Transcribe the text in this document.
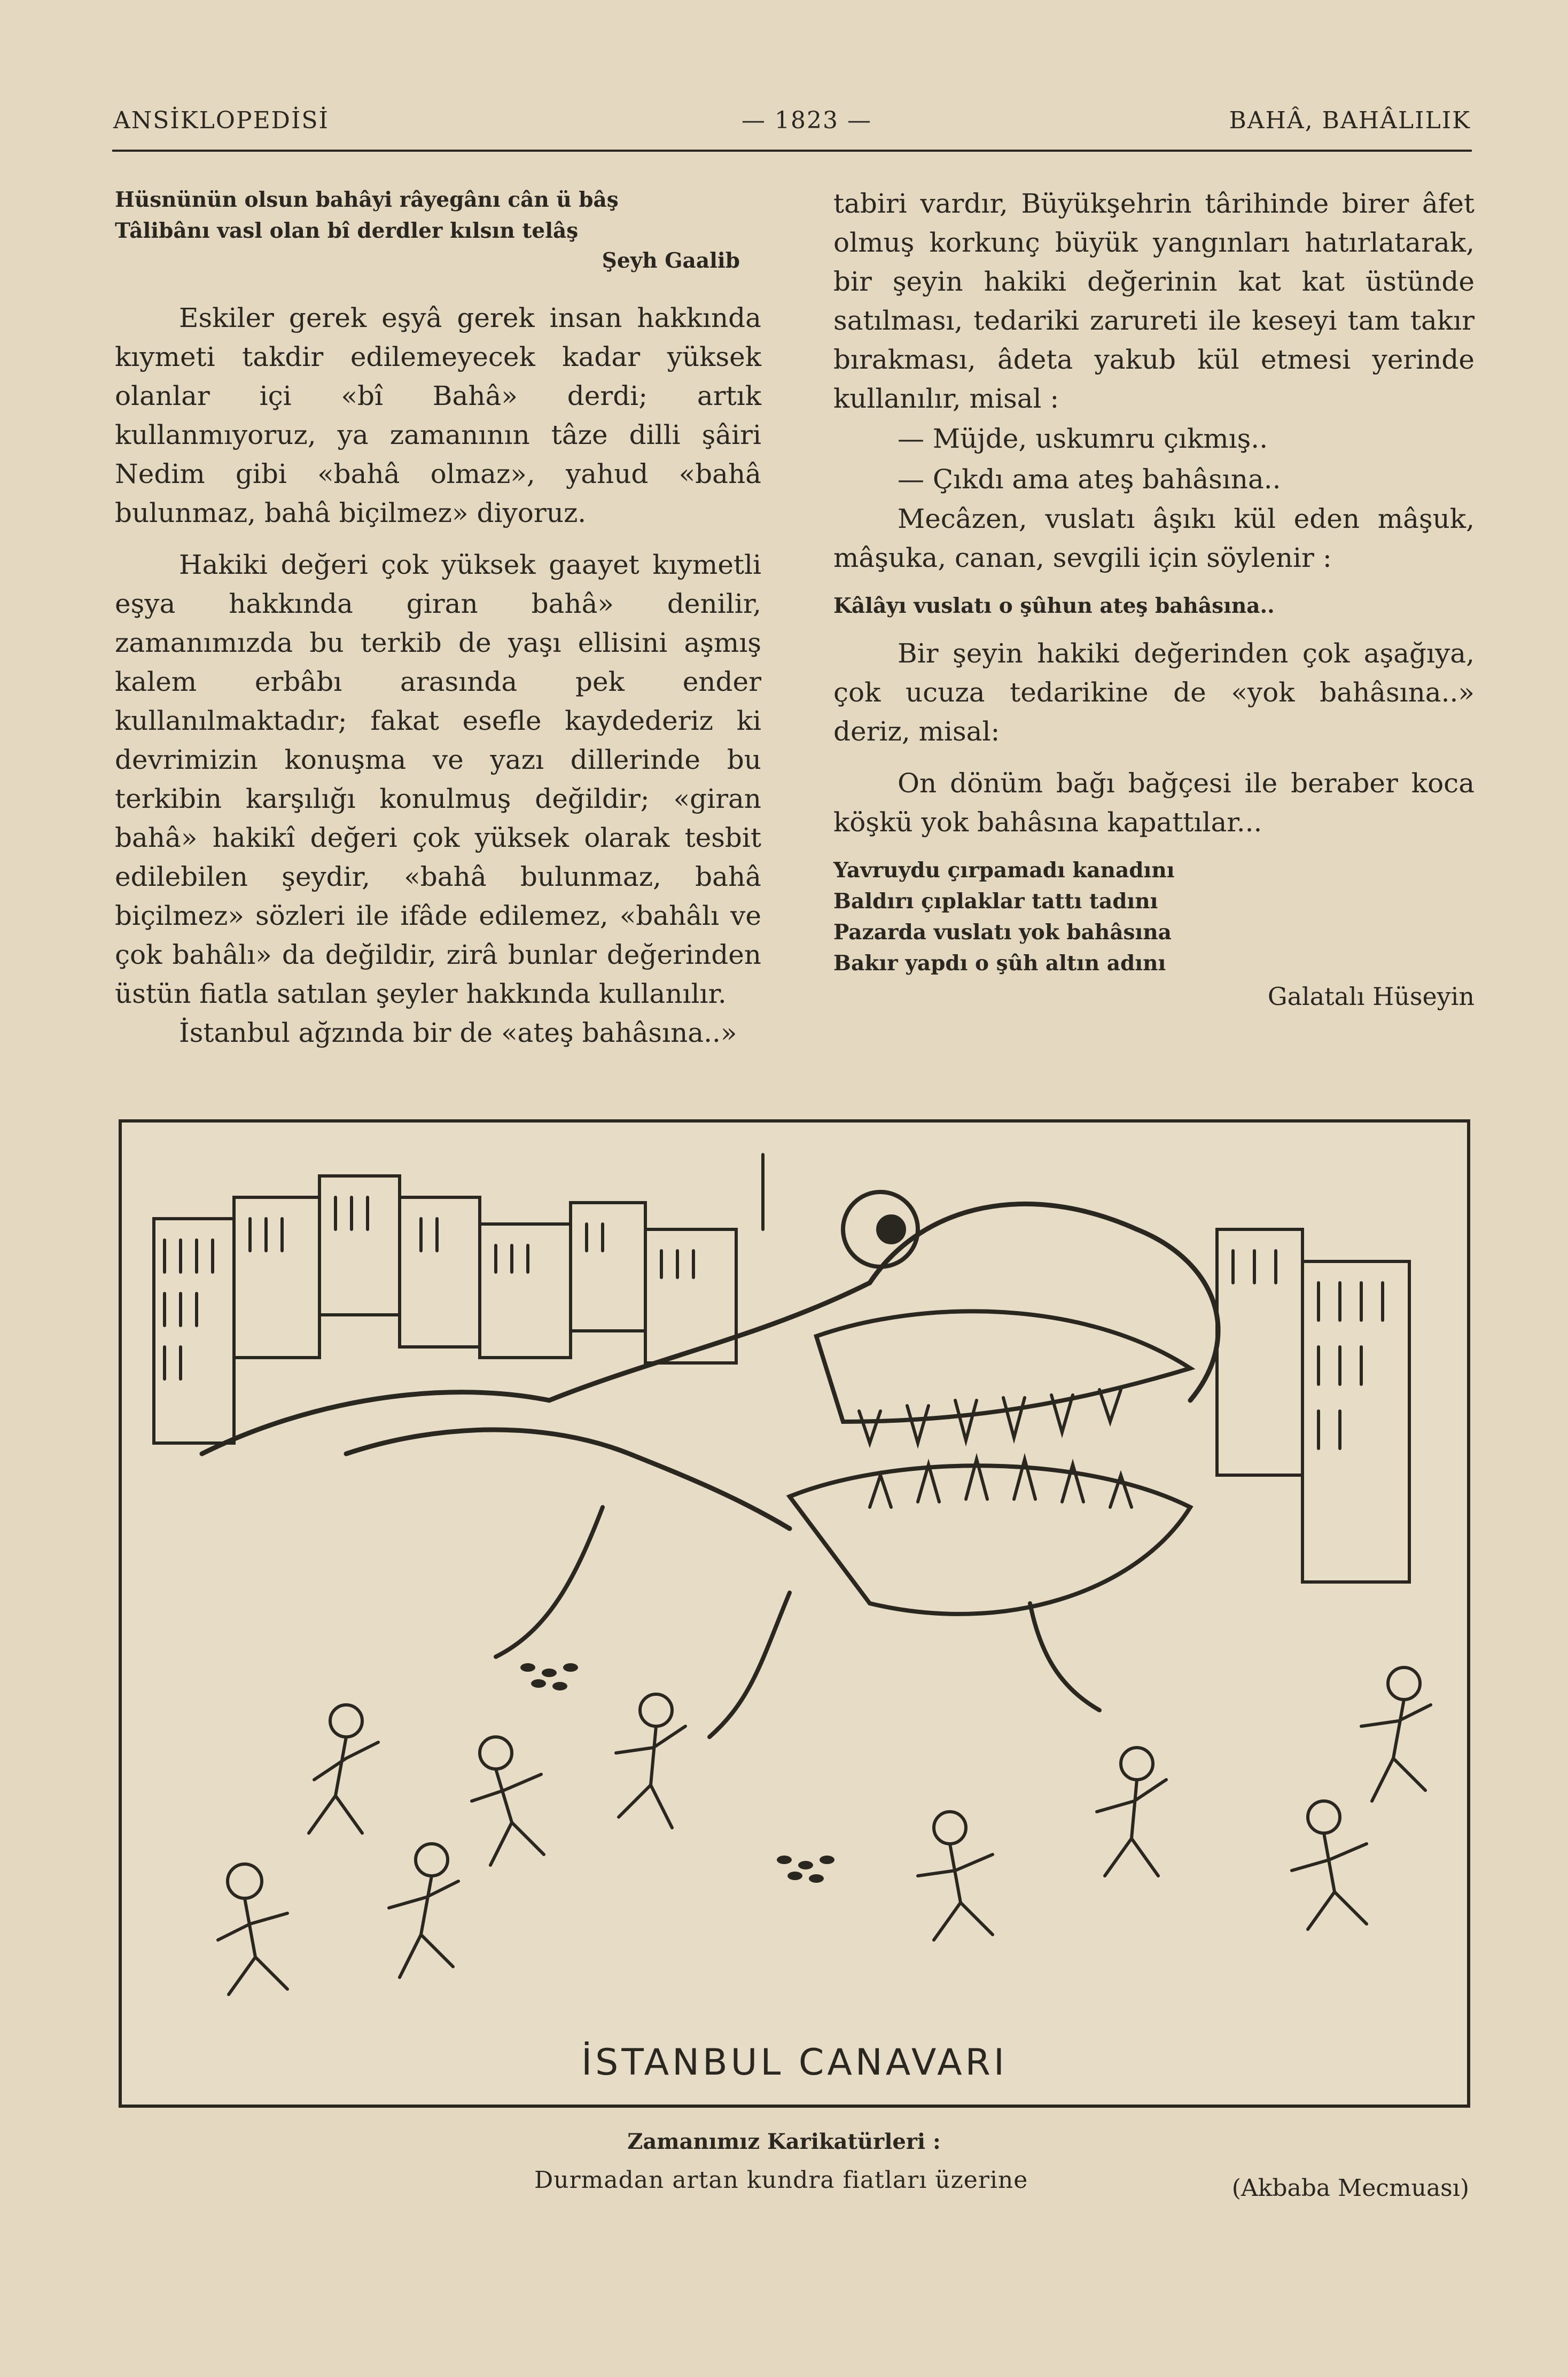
ANSİKLOPEDİSİ	— 1823 —	BAHÂ, BAHÂLILIK

Hüsnünün olsun bahâyi râyegânı cân ü bâş

Tâlibânı vasl olan bî derdler kılsın telâş

Şeyh Gaalib

Eskiler gerek eşyâ gerek insan hakkında kıymeti takdir edilemeyecek kadar yüksek olanlar içi «bî Bahâ» derdi; artık kullanmıyoruz, ya zamanının tâze dilli şâiri Nedim gibi «bahâ olmaz», yahud «bahâ bulunmaz, bahâ biçilmez» diyoruz.

Hakiki değeri çok yüksek gaayet kıymetli eşya hakkında giran bahâ» denilir, zamanımızda bu terkib de yaşı ellisini aşmış kalem erbâbı arasında pek ender kullanılmaktadır; fakat esefle kaydederiz ki devrimizin konuşma ve yazı dillerinde bu terkibin karşılığı konulmuş değildir; «giran bahâ» hakikî değeri çok yüksek olarak tesbit edilebilen şeydir, «bahâ bulunmaz, bahâ biçilmez» sözleri ile ifâde edilemez, «bahâlı ve çok bahâlı» da değildir, zirâ bunlar değerinden üstün fiatla satılan şeyler hakkında kullanılır.

İstanbul ağzında bir de «ateş bahâsına..»

tabiri vardır, Büyükşehrin târihinde birer âfet olmuş korkunç büyük yangınları hatırlatarak, bir şeyin hakiki değerinin kat kat üstünde satılması, tedariki zarureti ile keseyi tam takır bırakması, âdeta yakub kül etmesi yerinde kullanılır, misal :

— Müjde, uskumru çıkmış..

— Çıkdı ama ateş bahâsına..

Mecâzen, vuslatı âşıkı kül eden mâşuk, mâşuka, canan, sevgili için söylenir :

Kâlâyı vuslatı o şûhun ateş bahâsına..

Bir şeyin hakiki değerinden çok aşağıya, çok ucuza tedarikine de «yok bahâsına..» deriz, misal:

On dönüm bağı bağçesi ile beraber koca köşkü yok bahâsına kapattılar...

Yavruydu çırpamadı kanadını

Baldırı çıplaklar tattı tadını

Pazarda vuslatı yok bahâsına

Bakır yapdı o şûh altın adını

Galatalı Hüseyin

İSTANBUL CANAVARI
Zamanımız Karikatürleri :
Durmadan artan kundra fiatları üzerine	(Akbaba Mecmuası)
